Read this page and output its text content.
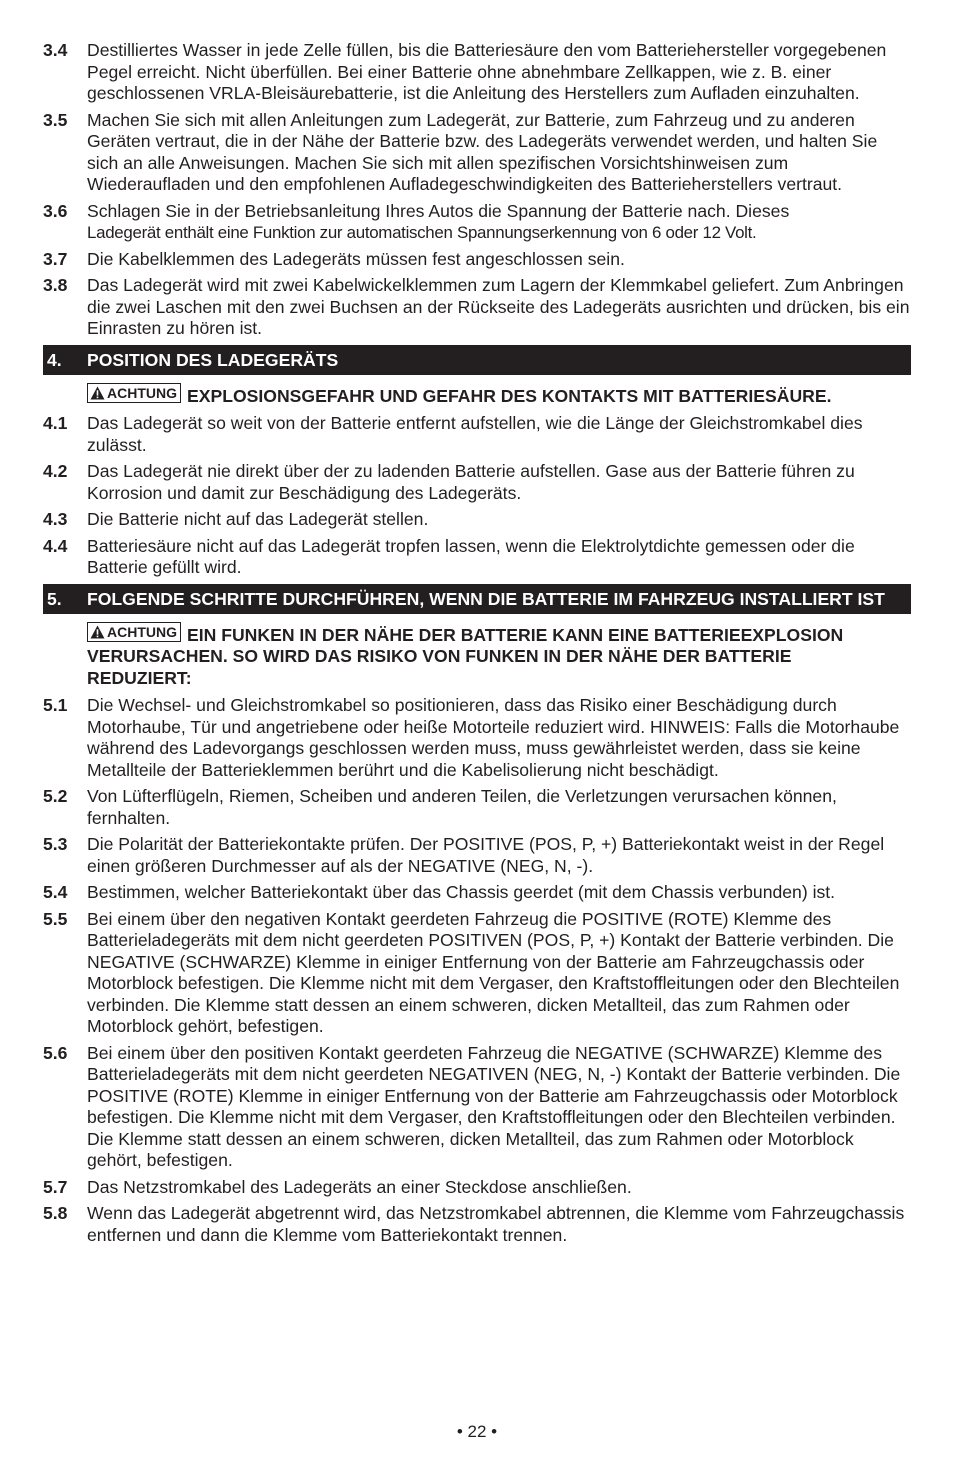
3.4	Destilliertes Wasser in jede Zelle füllen, bis die Batteriesäure den vom Batteriehersteller vorgegebenen Pegel erreicht. Nicht überfüllen. Bei einer Batterie ohne abnehmbare Zellkappen, wie z. B. einer geschlossenen VRLA-Bleisäurebatterie, ist die Anleitung des Herstellers zum Aufladen einzuhalten.
3.5	Machen Sie sich mit allen Anleitungen zum Ladegerät, zur Batterie, zum Fahrzeug und zu anderen Geräten vertraut, die in der Nähe der Batterie bzw. des Ladegeräts verwendet werden, und halten Sie sich an alle Anweisungen. Machen Sie sich mit allen spezifischen Vorsichtshinweisen zum Wiederaufladen und den empfohlenen Aufladegeschwindigkeiten des Batterieherstellers vertraut.
3.6	Schlagen Sie in der Betriebsanleitung Ihres Autos die Spannung der Batterie nach. Dieses
Ladegerät enthält eine Funktion zur automatischen Spannungserkennung von 6 oder 12 Volt.
3.7	Die Kabelklemmen des Ladegeräts müssen fest angeschlossen sein.
3.8	Das Ladegerät wird mit zwei Kabelwickelklemmen zum Lagern der Klemmkabel geliefert. Zum Anbringen die zwei Laschen mit den zwei Buchsen an der Rückseite des Ladegeräts ausrichten und drücken, bis ein Einrasten zu hören ist.
4.	POSITION DES LADEGERÄTS
ACHTUNG EXPLOSIONSGEFAHR UND GEFAHR DES KONTAKTS MIT BATTERIESÄURE.
4.1	Das Ladegerät so weit von der Batterie entfernt aufstellen, wie die Länge der Gleichstromkabel dies zulässt.
4.2	Das Ladegerät nie direkt über der zu ladenden Batterie aufstellen. Gase aus der Batterie führen zu Korrosion und damit zur Beschädigung des Ladegeräts.
4.3	Die Batterie nicht auf das Ladegerät stellen.
4.4	Batteriesäure nicht auf das Ladegerät tropfen lassen, wenn die Elektrolytdichte gemessen oder die Batterie gefüllt wird.
5.	FOLGENDE SCHRITTE DURCHFÜHREN, WENN DIE BATTERIE IM FAHRZEUG INSTALLIERT IST
ACHTUNG EIN FUNKEN IN DER NÄHE DER BATTERIE KANN EINE BATTERIEEXPLOSION VERURSACHEN. SO WIRD DAS RISIKO VON FUNKEN IN DER NÄHE DER BATTERIE REDUZIERT:
5.1	Die Wechsel- und Gleichstromkabel so positionieren, dass das Risiko einer Beschädigung durch Motorhaube, Tür und angetriebene oder heiße Motorteile reduziert wird. HINWEIS: Falls die Motorhaube während des Ladevorgangs geschlossen werden muss, muss gewährleistet werden, dass sie keine Metallteile der Batterieklemmen berührt und die Kabelisolierung nicht beschädigt.
5.2	Von Lüfterflügeln, Riemen, Scheiben und anderen Teilen, die Verletzungen verursachen können, fernhalten.
5.3	Die Polarität der Batteriekontakte prüfen. Der POSITIVE (POS, P, +) Batteriekontakt weist in der Regel einen größeren Durchmesser auf als der NEGATIVE (NEG, N, -).
5.4	Bestimmen, welcher Batteriekontakt über das Chassis geerdet (mit dem Chassis verbunden) ist.
5.5	Bei einem über den negativen Kontakt geerdeten Fahrzeug die POSITIVE (ROTE) Klemme des Batterieladegeräts mit dem nicht geerdeten POSITIVEN (POS, P, +) Kontakt der Batterie verbinden. Die NEGATIVE (SCHWARZE) Klemme in einiger Entfernung von der Batterie am Fahrzeugchassis oder Motorblock befestigen. Die Klemme nicht mit dem Vergaser, den Kraftstoffleitungen oder den Blechteilen verbinden. Die Klemme statt dessen an einem schweren, dicken Metallteil, das zum Rahmen oder Motorblock gehört, befestigen.
5.6	Bei einem über den positiven Kontakt geerdeten Fahrzeug die NEGATIVE (SCHWARZE) Klemme des Batterieladegeräts mit dem nicht geerdeten NEGATIVEN (NEG, N, -) Kontakt der Batterie verbinden. Die POSITIVE (ROTE) Klemme in einiger Entfernung von der Batterie am Fahrzeugchassis oder Motorblock befestigen. Die Klemme nicht mit dem Vergaser, den Kraftstoffleitungen oder den Blechteilen verbinden. Die Klemme statt dessen an einem schweren, dicken Metallteil, das zum Rahmen oder Motorblock gehört, befestigen.
5.7	Das Netzstromkabel des Ladegeräts an einer Steckdose anschließen.
5.8	Wenn das Ladegerät abgetrennt wird, das Netzstromkabel abtrennen, die Klemme vom Fahrzeugchassis entfernen und dann die Klemme vom Batteriekontakt trennen.
• 22 •
